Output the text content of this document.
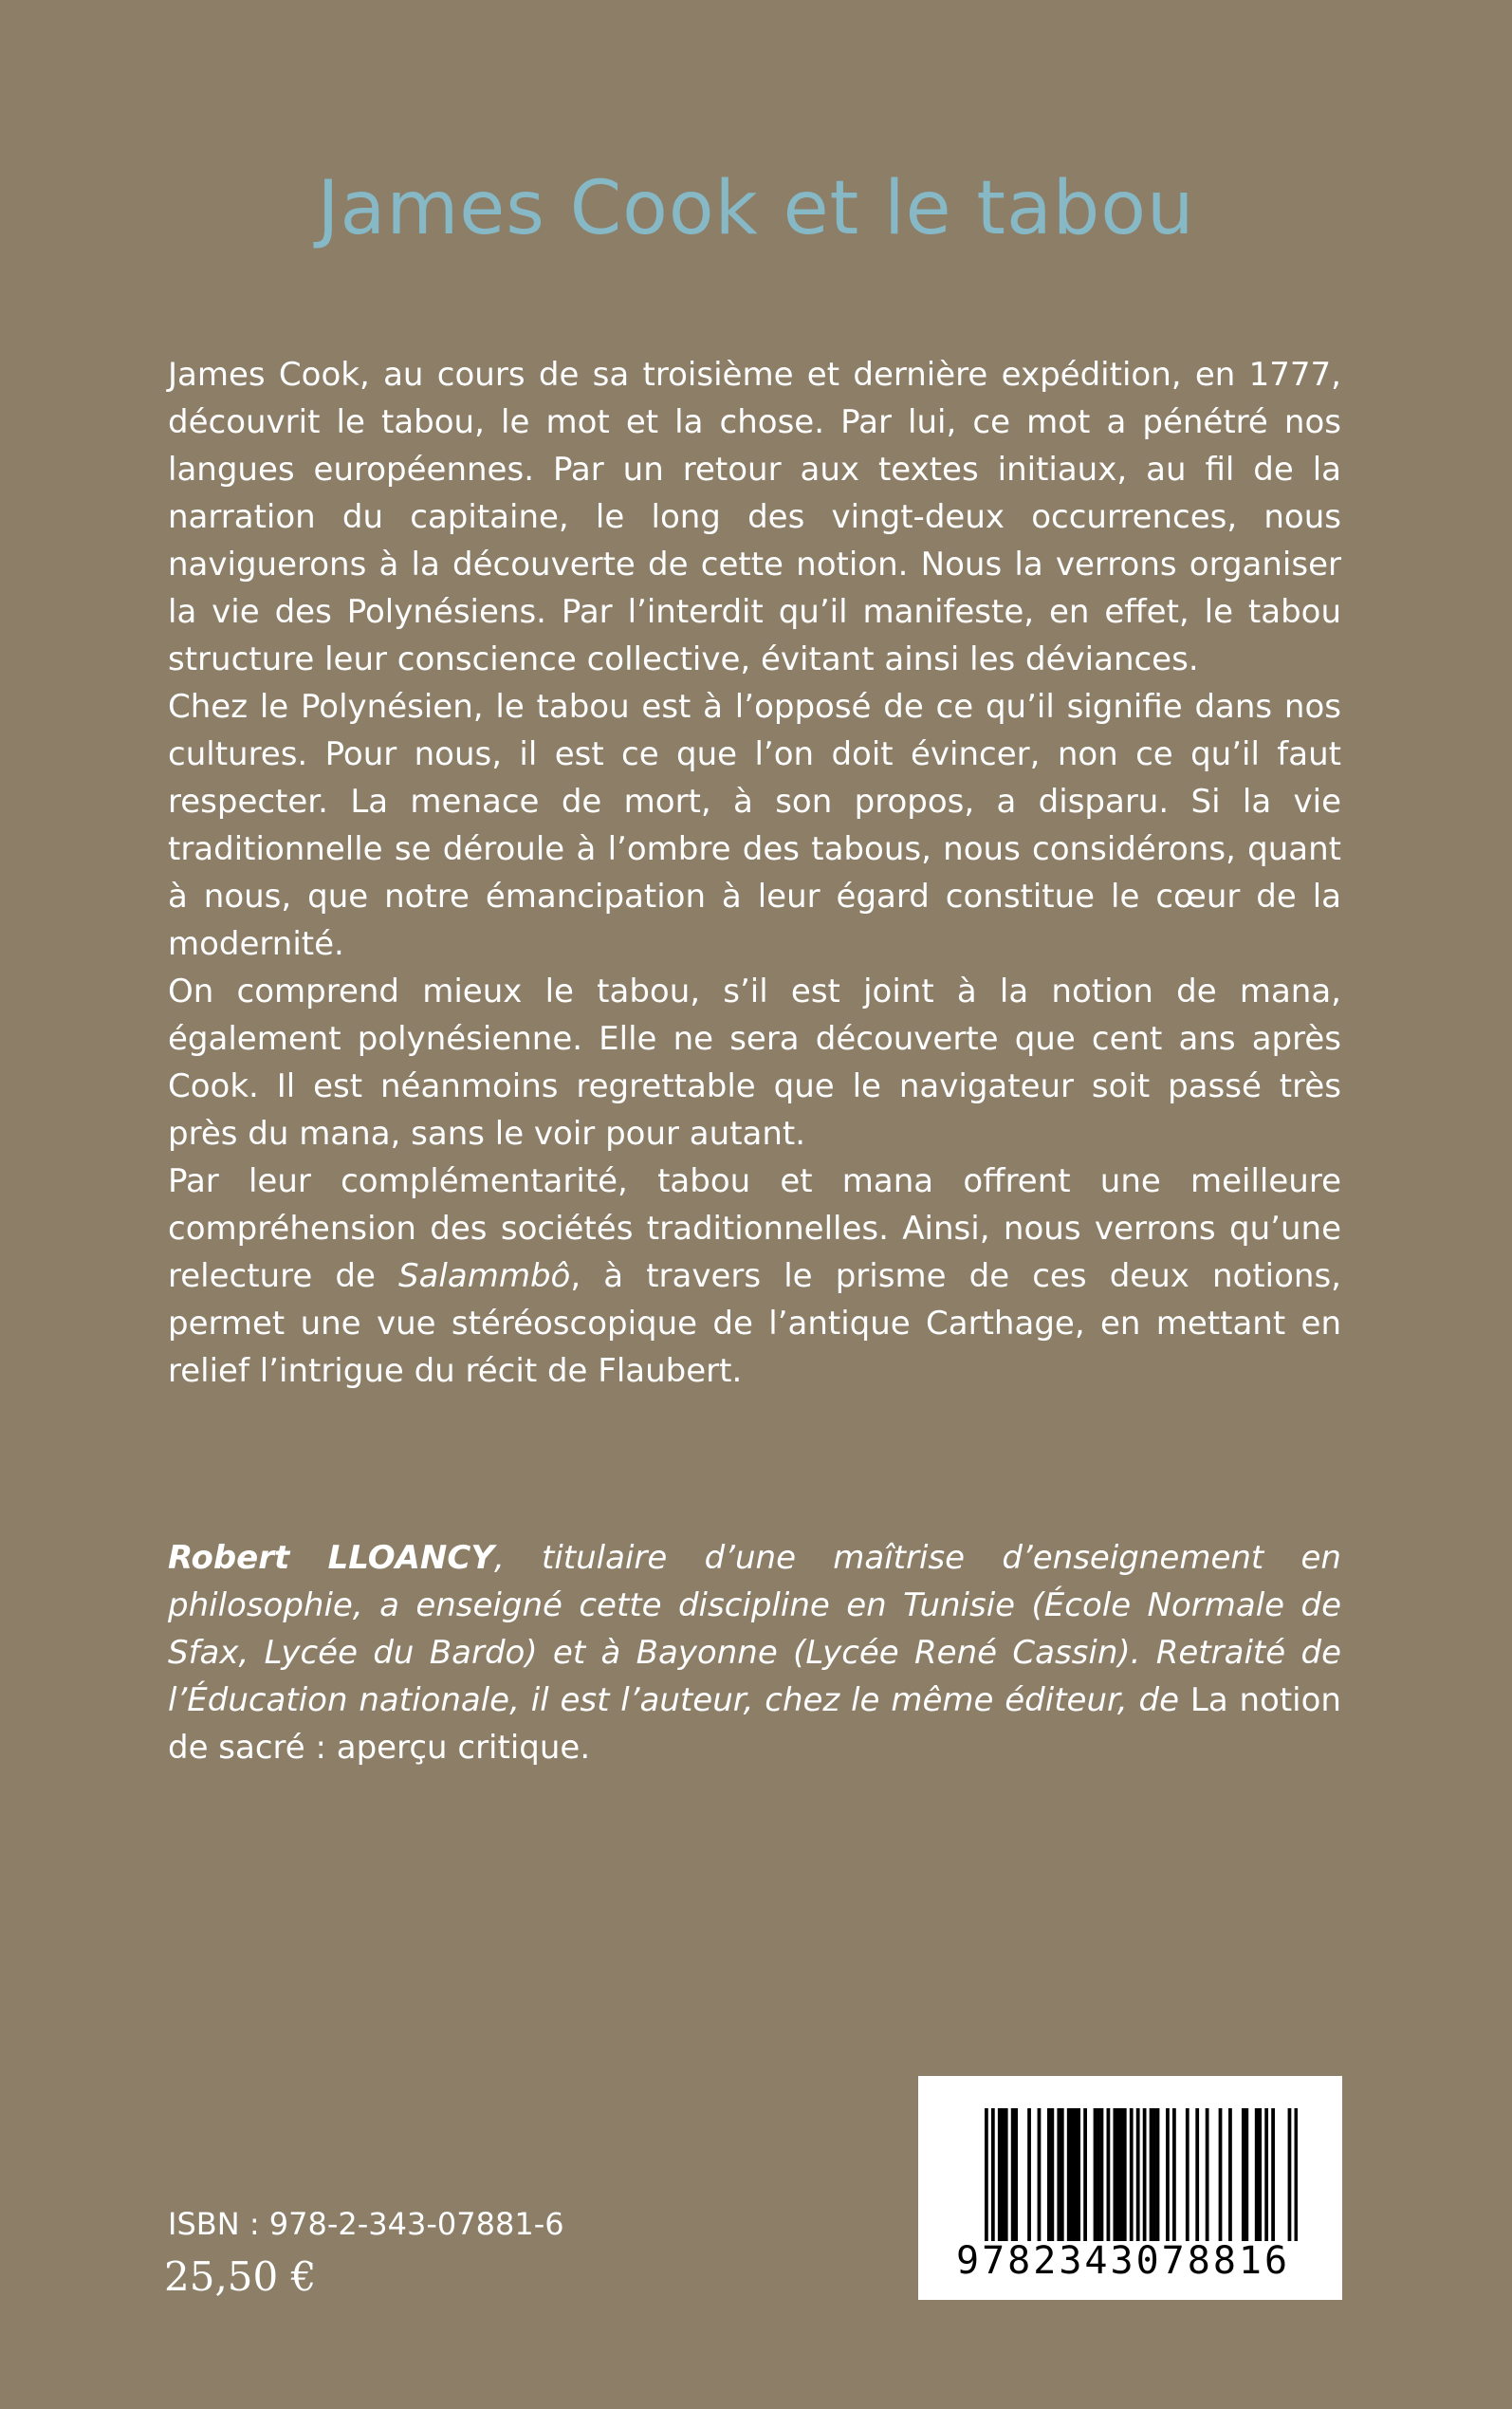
James Cook et le tabou

James Cook, au cours de sa troisième et dernière expédition, en 1777, découvrit le tabou, le mot et la chose. Par lui, ce mot a pénétré nos langues européennes. Par un retour aux textes initiaux, au fil de la narration du capitaine, le long des vingt-deux occurrences, nous naviguerons à la découverte de cette notion. Nous la verrons organiser la vie des Polynésiens. Par l’interdit qu’il manifeste, en effet, le tabou structure leur conscience collective, évitant ainsi les déviances.

Chez le Polynésien, le tabou est à l’opposé de ce qu’il signifie dans nos cultures. Pour nous, il est ce que l’on doit évincer, non ce qu’il faut respecter. La menace de mort, à son propos, a disparu. Si la vie traditionnelle se déroule à l’ombre des tabous, nous considérons, quant à nous, que notre émancipation à leur égard constitue le cœur de la modernité.

On comprend mieux le tabou, s’il est joint à la notion de mana, également polynésienne. Elle ne sera découverte que cent ans après Cook. Il est néanmoins regrettable que le navigateur soit passé très près du mana, sans le voir pour autant.

Par leur complémentarité, tabou et mana offrent une meilleure compréhension des sociétés traditionnelles. Ainsi, nous verrons qu’une relecture de Salammbô, à travers le prisme de ces deux notions, permet une vue stéréoscopique de l’antique Carthage, en mettant en relief l’intrigue du récit de Flaubert.

Robert LLOANCY, titulaire d’une maîtrise d’enseignement en philosophie, a enseigné cette discipline en Tunisie (École Normale de Sfax, Lycée du Bardo) et à Bayonne (Lycée René Cassin). Retraité de l’Éducation nationale, il est l’auteur, chez le même éditeur, de La notion de sacré : aperçu critique.
ISBN : 978-2-343-07881-6
25,50 €	9782343078816
